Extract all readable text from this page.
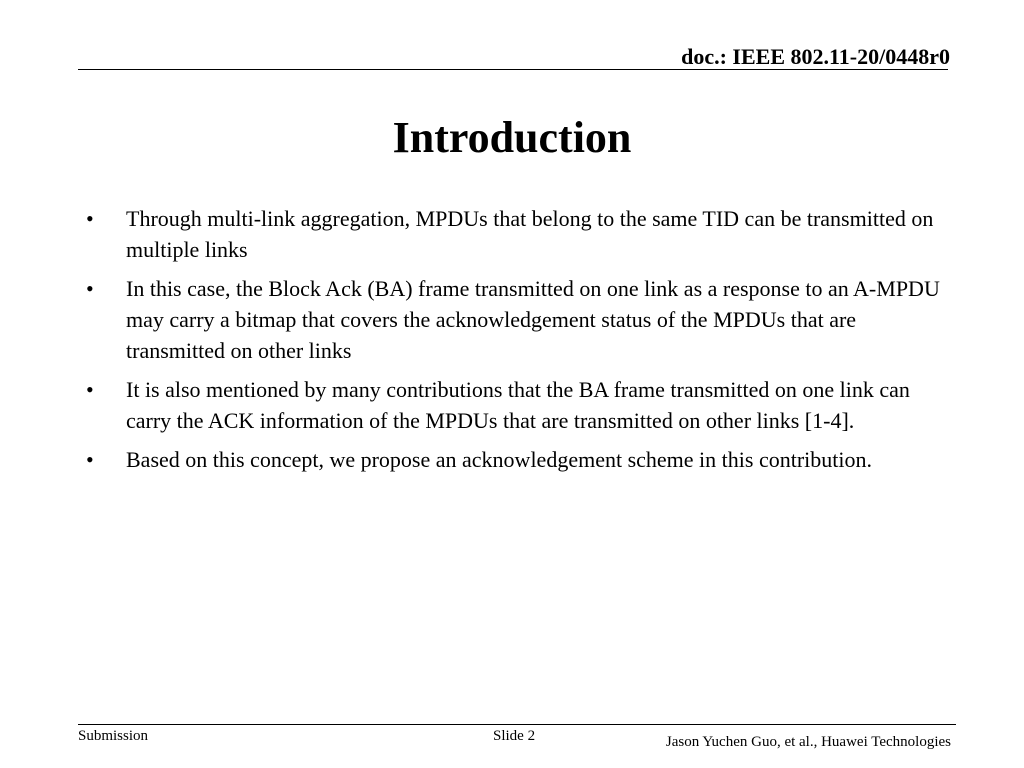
doc.: IEEE 802.11-20/0448r0
Introduction
•	Through multi-link aggregation, MPDUs that belong to the same TID can be transmitted on multiple links
•	In this case, the Block Ack (BA) frame transmitted on one link as a response to an A-MPDU may carry a bitmap that covers the acknowledgement status of the MPDUs that are transmitted on other links
•	It is also mentioned by many contributions that the BA frame transmitted on one link can carry the ACK information of the MPDUs that are transmitted on other links [1-4].
•	Based on this concept, we propose an acknowledgement scheme in this contribution.
Submission	Slide 2	Jason Yuchen Guo, et al., Huawei Technologies
